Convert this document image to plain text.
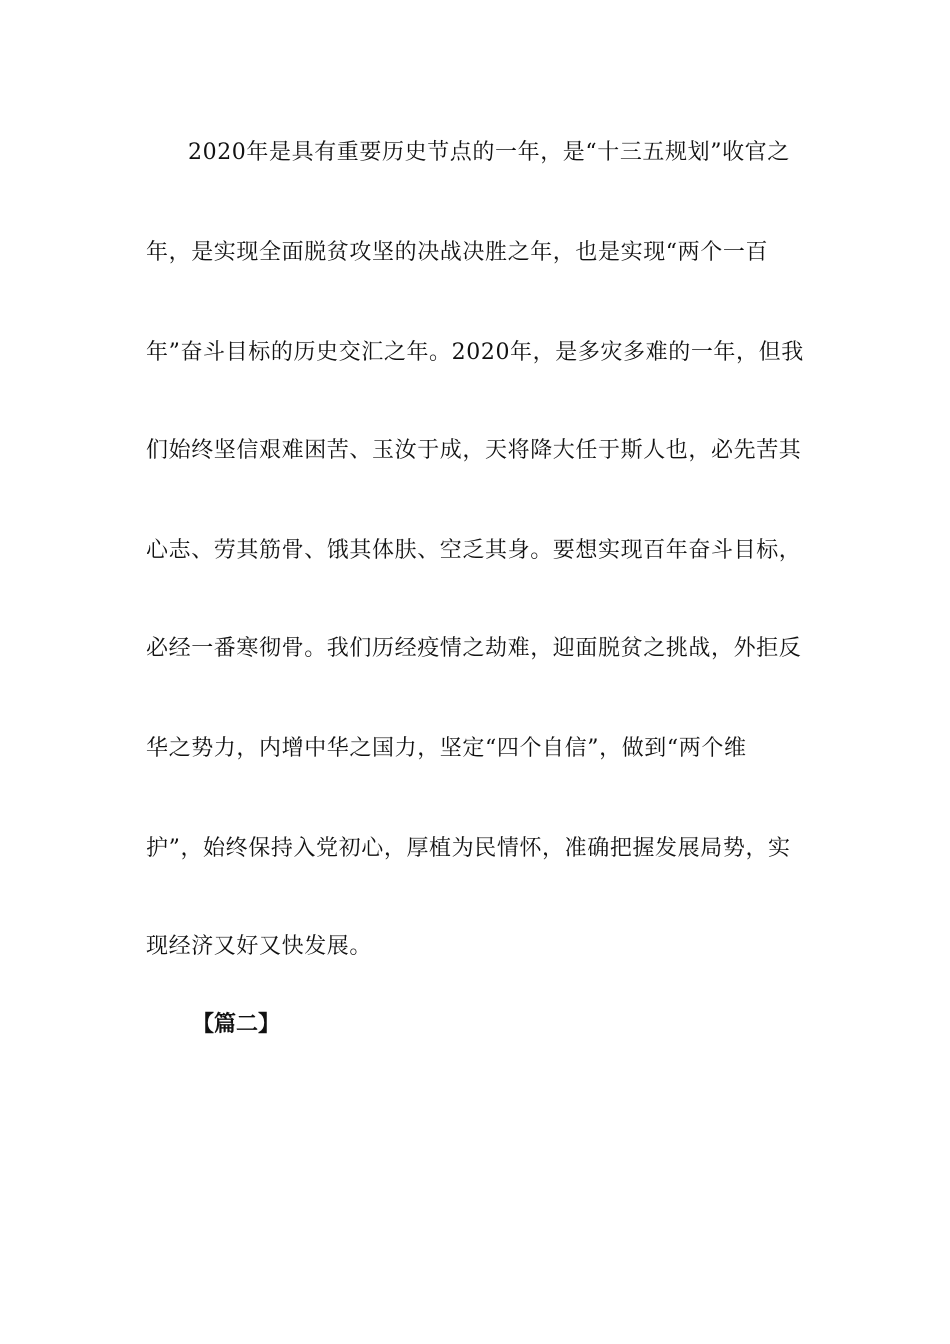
2020年是具有重要历史节点的一年，是“十三五规划”收官之
年，是实现全面脱贫攻坚的决战决胜之年，也是实现“两个一百
年”奋斗目标的历史交汇之年。2020年，是多灾多难的一年，但我
们始终坚信艰难困苦、玉汝于成，天将降大任于斯人也，必先苦其
心志、劳其筋骨、饿其体肤、空乏其身。要想实现百年奋斗目标，
必经一番寒彻骨。我们历经疫情之劫难，迎面脱贫之挑战，外拒反
华之势力，内增中华之国力，坚定“四个自信”，做到“两个维
护”，始终保持入党初心，厚植为民情怀，准确把握发展局势，实
现经济又好又快发展。
【篇二】
